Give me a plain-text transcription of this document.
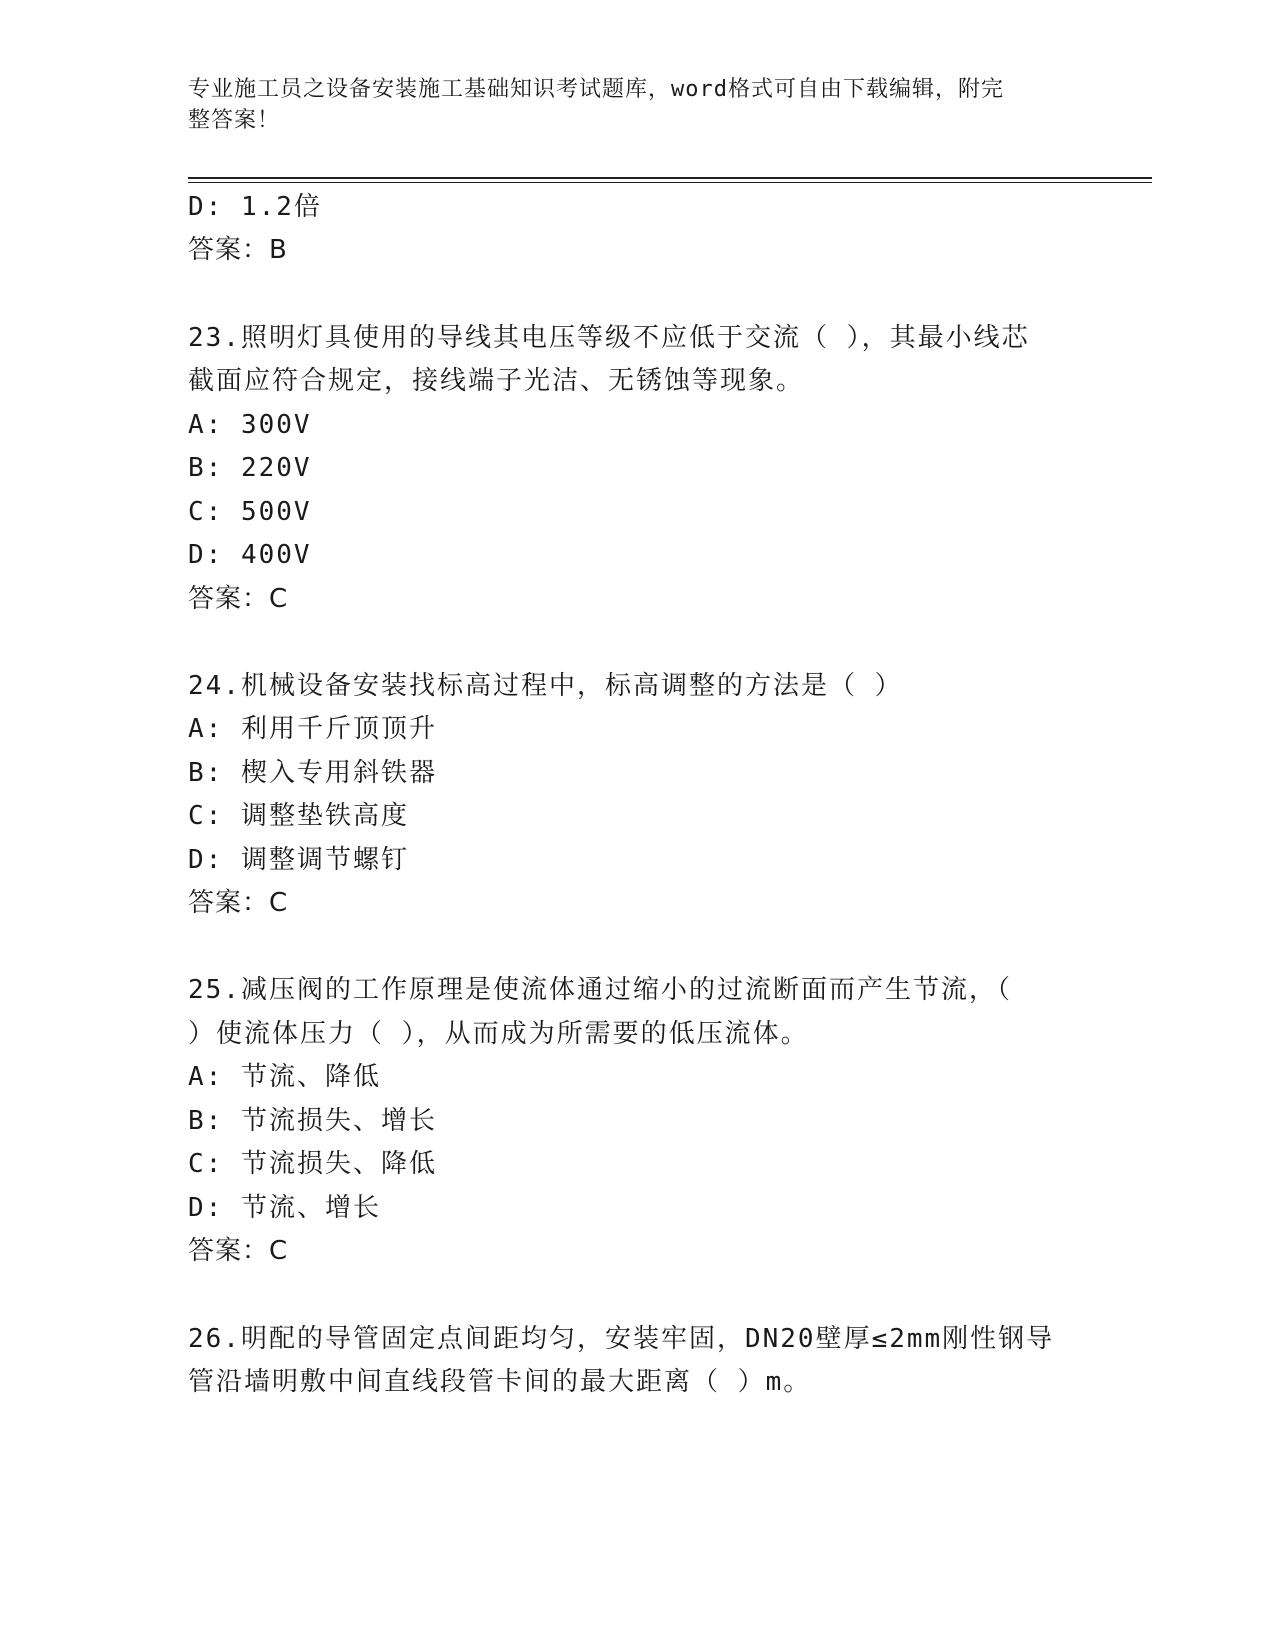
专业施工员之设备安装施工基础知识考试题库，word格式可自由下载编辑，附完
整答案！
D: 1.2倍
答案：B
23.照明灯具使用的导线其电压等级不应低于交流（ ），其最小线芯
截面应符合规定，接线端子光洁、无锈蚀等现象。
A: 300V
B: 220V
C: 500V
D: 400V
答案：C
24.机械设备安装找标高过程中，标高调整的方法是（ ）
A: 利用千斤顶顶升
B: 楔入专用斜铁器
C: 调整垫铁高度
D: 调整调节螺钉
答案：C
25.减压阀的工作原理是使流体通过缩小的过流断面而产生节流，（
）使流体压力（ ），从而成为所需要的低压流体。
A: 节流、降低
B: 节流损失、增长
C: 节流损失、降低
D: 节流、增长
答案：C
26.明配的导管固定点间距均匀，安装牢固，DN20壁厚≤2mm刚性钢导
管沿墙明敷中间直线段管卡间的最大距离（ ）m。
